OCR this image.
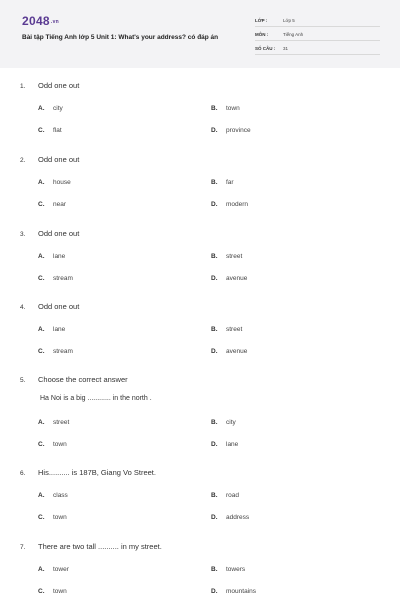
2048.vn
Bài tập Tiếng Anh lớp 5 Unit 1: What's your address? có đáp án
LỚP :	Lớp 5
MÔN :	Tiếng Anh
SỐ CÂU :	31
1.	Odd one out
A.	city	B.	town
C.	flat	D.	province
2.	Odd one out
A.	house	B.	far
C.	near	D.	modern
3.	Odd one out
A.	lane	B.	street
C.	stream	D.	avenue
4.	Odd one out
A.	lane	B.	street
C.	stream	D.	avenue
5.	Choose the correct answer
Ha Noi is a big ............ in the north .
A.	street	B.	city
C.	town	D.	lane
6.	His.......... is 187B, Giang Vo Street.
A.	class	B.	road
C.	town	D.	address
7.	There are two tall .......... in my street.
A.	tower	B.	towers
C.	town	D.	mountains
